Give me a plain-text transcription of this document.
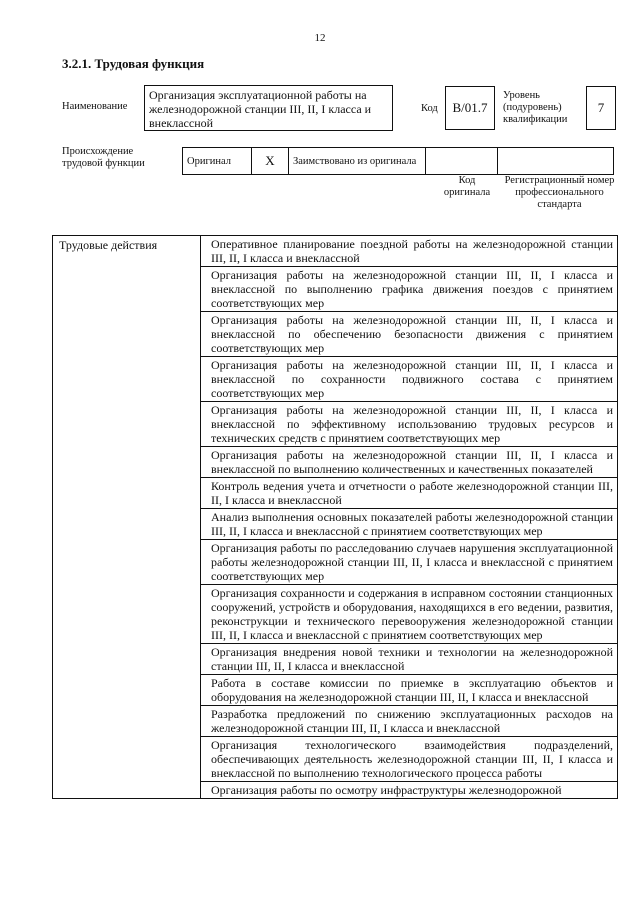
12
3.2.1. Трудовая функция
Наименование
Организация эксплуатационной работы на железнодорожной станции III, II, I класса и внеклассной
Код В/01.7
Уровень (подуровень) квалификации
7
Происхождение трудовой функции	Оригинал	X	Заимствовано из оригинала		
Код оригинала
Регистрационный номер профессионального стандарта
Трудовые действия	Оперативное планирование поездной работы на железнодорожной станции III, II, I класса и внеклассной
Организация работы на железнодорожной станции III, II, I класса и внеклассной по выполнению графика движения поездов с принятием соответствующих мер
Организация работы на железнодорожной станции III, II, I класса и внеклассной по обеспечению безопасности движения с принятием соответствующих мер
Организация работы на железнодорожной станции III, II, I класса и внеклассной по сохранности подвижного состава с принятием соответствующих мер
Организация работы на железнодорожной станции III, II, I класса и внеклассной по эффективному использованию трудовых ресурсов и технических средств с принятием соответствующих мер
Организация работы на железнодорожной станции III, II, I класса и внеклассной по выполнению количественных и качественных показателей
Контроль ведения учета и отчетности о работе железнодорожной станции III, II, I класса и внеклассной
Анализ выполнения основных показателей работы железнодорожной станции III, II, I класса и внеклассной с принятием соответствующих мер
Организация работы по расследованию случаев нарушения эксплуатационной работы железнодорожной станции III, II, I класса и внеклассной с принятием соответствующих мер
Организация сохранности и содержания в исправном состоянии станционных сооружений, устройств и оборудования, находящихся в его ведении, развития, реконструкции и технического перевооружения железнодорожной станции III, II, I класса и внеклассной с принятием соответствующих мер
Организация внедрения новой техники и технологии на железнодорожной станции III, II, I класса и внеклассной
Работа в составе комиссии по приемке в эксплуатацию объектов и оборудования на железнодорожной станции III, II, I класса и внеклассной
Разработка предложений по снижению эксплуатационных расходов на железнодорожной станции III, II, I класса и внеклассной
Организация технологического взаимодействия подразделений, обеспечивающих деятельность железнодорожной станции III, II, I класса и внеклассной по выполнению технологического процесса работы
Организация работы по осмотру инфраструктуры железнодорожной
